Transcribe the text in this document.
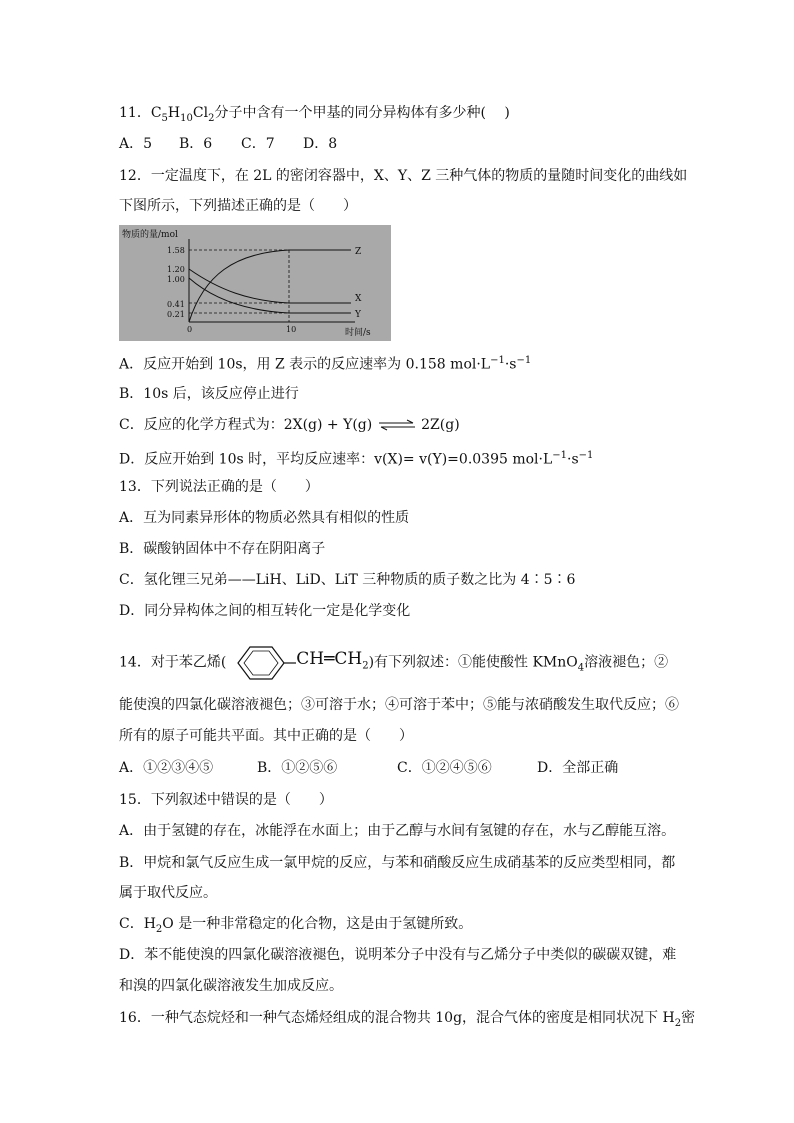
11．$C_5H_{10}Cl_2$分子中含有一个甲基的同分异构体有多少种(　 )
A．5 B．6 C．7 D．8
12．一定温度下，在 2L 的密闭容器中，X、Y、Z 三种气体的物质的量随时间变化的曲线如
下图所示，下列描述正确的是（　　）
物质的量/mol
时间/s
1.58
1.20
1.00
0.41
0.21
0	10
Z
X
Y
A．反应开始到 10s，用 Z 表示的反应速率为 0.158 $mol\cdot L^{-1}\cdot s^{-1}$
B．10s 后，该反应停止进行
C．反应的化学方程式为：2X(g) + Y(g) ⇌ 2Z(g)
D．反应开始到 10s 时，平均反应速率：v(X)= v(Y)=0.0395 $mol\cdot L^{-1}\cdot s^{-1}$
13．下列说法正确的是（　　）
A．互为同素异形体的物质必然具有相似的性质
B．碳酸钠固体中不存在阴阳离子
C．氢化锂三兄弟——LiH、LiD、LiT 三种物质的质子数之比为 4∶5∶6
D．同分异构体之间的相互转化一定是化学变化
14．对于苯乙烯(	$CH═CH_2$)有下列叙述：①能使酸性 KMnO$_4$溶液褪色；②
能使溴的四氯化碳溶液褪色；③可溶于水；④可溶于苯中；⑤能与浓硝酸发生取代反应；⑥
所有的原子可能共平面。其中正确的是（　　）
A．①②③④⑤	B．①②⑤⑥	C．①②④⑤⑥	D．全部正确
15．下列叙述中错误的是（　　）
A．由于氢键的存在，冰能浮在水面上；由于乙醇与水间有氢键的存在，水与乙醇能互溶。
B．甲烷和氯气反应生成一氯甲烷的反应，与苯和硝酸反应生成硝基苯的反应类型相同，都
属于取代反应。
C．$H_2O$ 是一种非常稳定的化合物，这是由于氢键所致。
D．苯不能使溴的四氯化碳溶液褪色，说明苯分子中没有与乙烯分子中类似的碳碳双键，难
和溴的四氯化碳溶液发生加成反应。
16．一种气态烷烃和一种气态烯烃组成的混合物共 10g，混合气体的密度是相同状况下 $H_2$密
